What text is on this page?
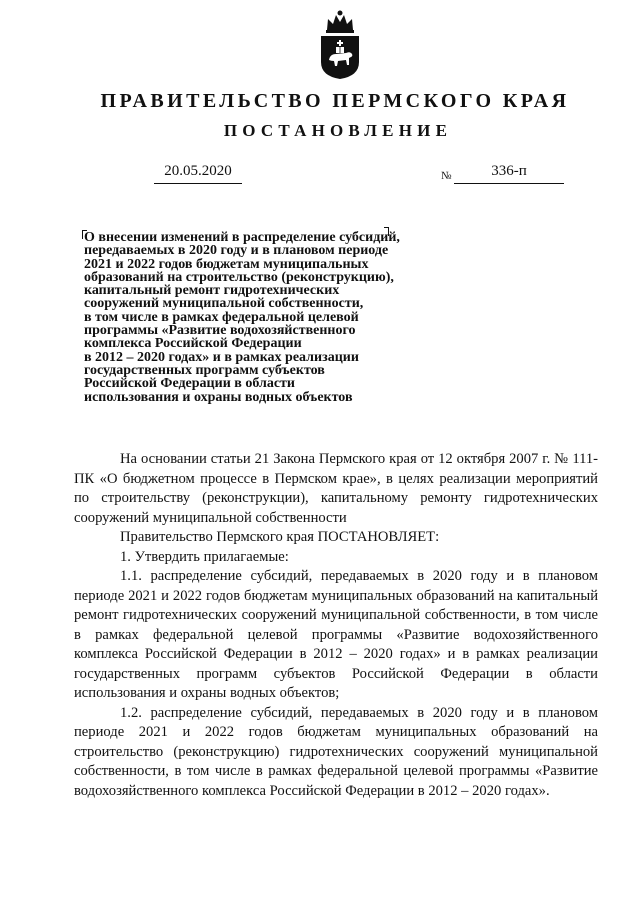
ПРАВИТЕЛЬСТВО ПЕРМСКОГО КРАЯ
ПОСТАНОВЛЕНИЕ
20.05.2020	№	336-п
О внесении изменений в распределение субсидий,
передаваемых в 2020 году и в плановом периоде
2021 и 2022 годов бюджетам муниципальных
образований на строительство (реконструкцию),
капитальный ремонт гидротехнических
сооружений муниципальной собственности,
в том числе в рамках федеральной целевой
программы «Развитие водохозяйственного
комплекса Российской Федерации
в 2012 – 2020 годах» и в рамках реализации
государственных программ субъектов
Российской Федерации в области
использования и охраны водных объектов

На основании статьи 21 Закона Пермского края от 12 октября 2007 г. № 111-ПК «О бюджетном процессе в Пермском крае», в целях реализации мероприятий по строительству (реконструкции), капитальному ремонту гидротехнических сооружений муниципальной собственности

Правительство Пермского края ПОСТАНОВЛЯЕТ:

1. Утвердить прилагаемые:

1.1. распределение субсидий, передаваемых в 2020 году и в плановом периоде 2021 и 2022 годов бюджетам муниципальных образований на капитальный ремонт гидротехнических сооружений муниципальной собственности, в том числе в рамках федеральной целевой программы «Развитие водохозяйственного комплекса Российской Федерации в 2012 – 2020 годах» и в рамках реализации государственных программ субъектов Российской Федерации в области использования и охраны водных объектов;

1.2. распределение субсидий, передаваемых в 2020 году и в плановом периоде 2021 и 2022 годов бюджетам муниципальных образований на строительство (реконструкцию) гидротехнических сооружений муниципальной собственности, в том числе в рамках федеральной целевой программы «Развитие водохозяйственного комплекса Российской Федерации в 2012 – 2020 годах».
